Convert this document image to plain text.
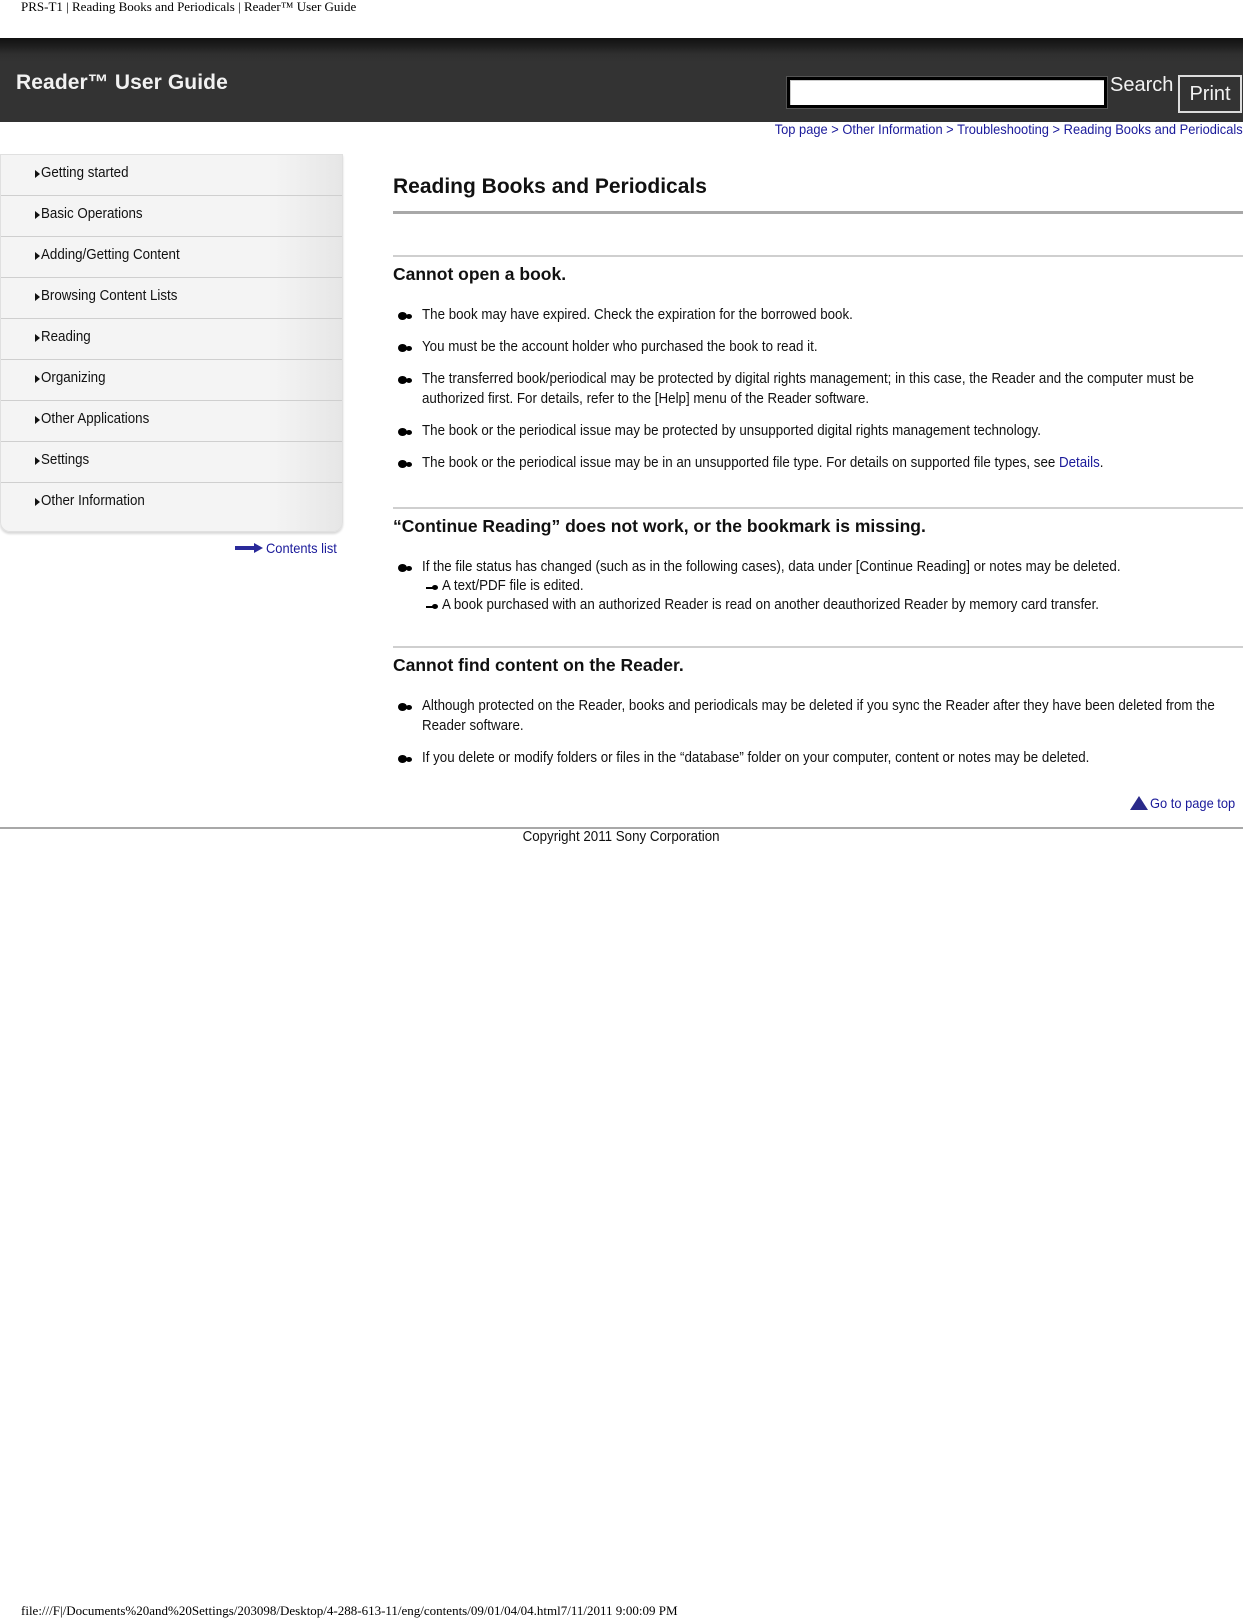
PRS-T1 | Reading Books and Periodicals | Reader™ User Guide
Reader™ User Guide	Search Print
Top page > Other Information > Troubleshooting > Reading Books and Periodicals
Getting started
Basic Operations
Adding/Getting Content
Browsing Content Lists
Reading
Organizing
Other Applications
Settings
Other Information
Contents list
Reading Books and Periodicals
Cannot open a book.
The book may have expired. Check the expiration for the borrowed book.
You must be the account holder who purchased the book to read it.
The transferred book/periodical may be protected by digital rights management; in this case, the Reader and the computer must be authorized first. For details, refer to the [Help] menu of the Reader software.
The book or the periodical issue may be protected by unsupported digital rights management technology.
The book or the periodical issue may be in an unsupported file type. For details on supported file types, see Details.
“Continue Reading” does not work, or the bookmark is missing.
If the file status has changed (such as in the following cases), data under [Continue Reading] or notes may be deleted.
A text/PDF file is edited.
A book purchased with an authorized Reader is read on another deauthorized Reader by memory card transfer.
Cannot find content on the Reader.
Although protected on the Reader, books and periodicals may be deleted if you sync the Reader after they have been deleted from the Reader software.
If you delete or modify folders or files in the “database” folder on your computer, content or notes may be deleted.
Go to page top
Copyright 2011 Sony Corporation
file:///F|/Documents%20and%20Settings/203098/Desktop/4-288-613-11/eng/contents/09/01/04/04.html7/11/2011 9:00:09 PM
